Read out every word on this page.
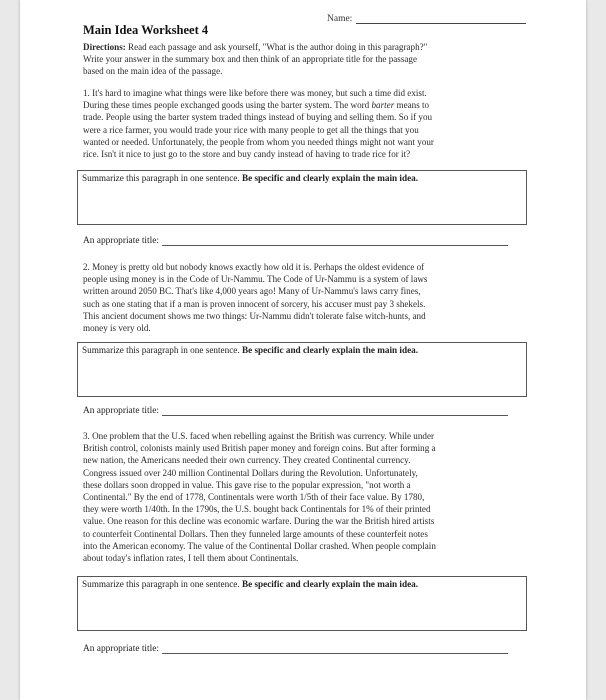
Name:
Main Idea Worksheet 4

Directions: Read each passage and ask yourself, "What is the author doing in this paragraph?"

Write your answer in the summary box and then think of an appropriate title for the passage

based on the main idea of the passage.

1. It's hard to imagine what things were like before there was money, but such a time did exist.

During these times people exchanged goods using the barter system. The word barter means to

trade. People using the barter system traded things instead of buying and selling them. So if you

were a rice farmer, you would trade your rice with many people to get all the things that you

wanted or needed. Unfortunately, the people from whom you needed things might not want your

rice. Isn't it nice to just go to the store and buy candy instead of having to trade rice for it?

Summarize this paragraph in one sentence. Be specific and clearly explain the main idea.
An appropriate title:

2. Money is pretty old but nobody knows exactly how old it is. Perhaps the oldest evidence of

people using money is in the Code of Ur-Nammu. The Code of Ur-Nammu is a system of laws

written around 2050 BC. That's like 4,000 years ago! Many of Ur-Nammu's laws carry fines,

such as one stating that if a man is proven innocent of sorcery, his accuser must pay 3 shekels.

This ancient document shows me two things: Ur-Nammu didn't tolerate false witch-hunts, and

money is very old.

Summarize this paragraph in one sentence. Be specific and clearly explain the main idea.
An appropriate title:

3. One problem that the U.S. faced when rebelling against the British was currency. While under

British control, colonists mainly used British paper money and foreign coins. But after forming a

new nation, the Americans needed their own currency. They created Continental currency.

Congress issued over 240 million Continental Dollars during the Revolution. Unfortunately,

these dollars soon dropped in value. This gave rise to the popular expression, "not worth a

Continental." By the end of 1778, Continentals were worth 1/5th of their face value. By 1780,

they were worth 1/40th. In the 1790s, the U.S. bought back Continentals for 1% of their printed

value. One reason for this decline was economic warfare. During the war the British hired artists

to counterfeit Continental Dollars. Then they funneled large amounts of these counterfeit notes

into the American economy. The value of the Continental Dollar crashed. When people complain

about today's inflation rates, I tell them about Continentals.

Summarize this paragraph in one sentence. Be specific and clearly explain the main idea.
An appropriate title:
